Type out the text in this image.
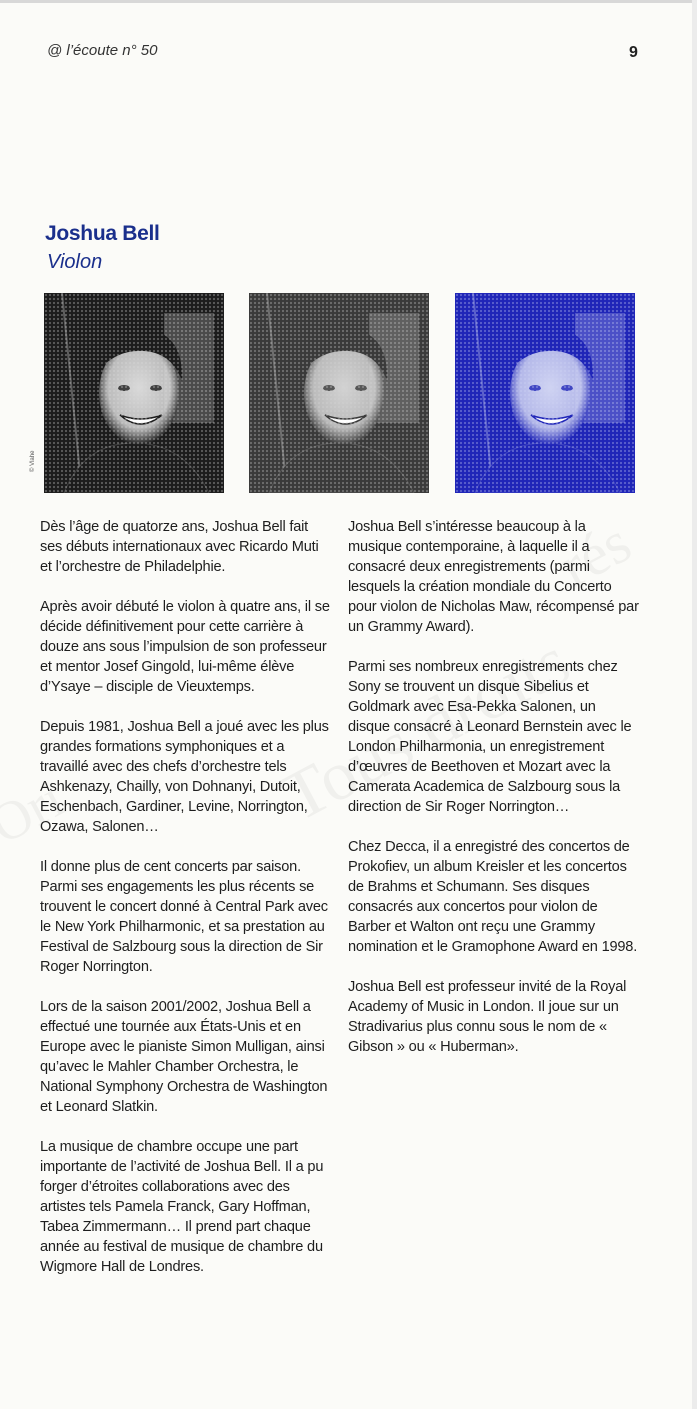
@ l’écoute n° 50	9
Joshua Bell
Violon
© Vlahe

Dès l’âge de quatorze ans, Joshua Bell fait ses débuts internationaux avec Ricardo Muti et l’orchestre de Philadelphie.

Après avoir débuté le violon à quatre ans, il se décide définitivement pour cette carrière à douze ans sous l’impulsion de son professeur et mentor Josef Gingold, lui-même élève d’Ysaye – disciple de Vieuxtemps.

Depuis 1981, Joshua Bell a joué avec les plus grandes formations symphoniques et a travaillé avec des chefs d’orchestre tels Ashkenazy, Chailly, von Dohnanyi, Dutoit, Eschenbach, Gardiner, Levine, Norrington, Ozawa, Salonen…

Il donne plus de cent concerts par saison. Parmi ses engagements les plus récents se trouvent le concert donné à Central Park avec le New York Philharmonic, et sa prestation au Festival de Salzbourg sous la direction de Sir Roger Norrington.

Lors de la saison 2001/2002, Joshua Bell a effectué une tournée aux États-Unis et en Europe avec le pianiste Simon Mulligan, ainsi qu’avec le Mahler Chamber Orchestra, le National Symphony Orchestra de Washington et Leonard Slatkin.

La musique de chambre occupe une part importante de l’activité de Joshua Bell. Il a pu forger d’étroites collaborations avec des artistes tels Pamela Franck, Gary Hoffman, Tabea Zimmermann… Il prend part chaque année au festival de musique de chambre du Wigmore Hall de Londres.

Joshua Bell s’intéresse beaucoup à la musique contemporaine, à laquelle il a consacré deux enregistrements (parmi lesquels la création mondiale du Concerto pour violon de Nicholas Maw, récompensé par un Grammy Award).

Parmi ses nombreux enregistrements chez Sony se trouvent un disque Sibelius et Goldmark avec Esa-Pekka Salonen, un disque consacré à Leonard Bernstein avec le London Philharmonia, un enregistrement d’œuvres de Beethoven et Mozart avec la Camerata Academica de Salzbourg sous la direction de Sir Roger Norrington…

Chez Decca, il a enregistré des concertos de Prokofiev, un album Kreisler et les concertos de Brahms et Schumann. Ses disques consacrés aux concertos pour violon de Barber et Walton ont reçu une Grammy nomination et le Gramophone Award en 1998.

Joshua Bell est professeur invité de la Royal Academy of Music in London. Il joue sur un Stradivarius plus connu sous le nom de « Gibson » ou « Huberman».
